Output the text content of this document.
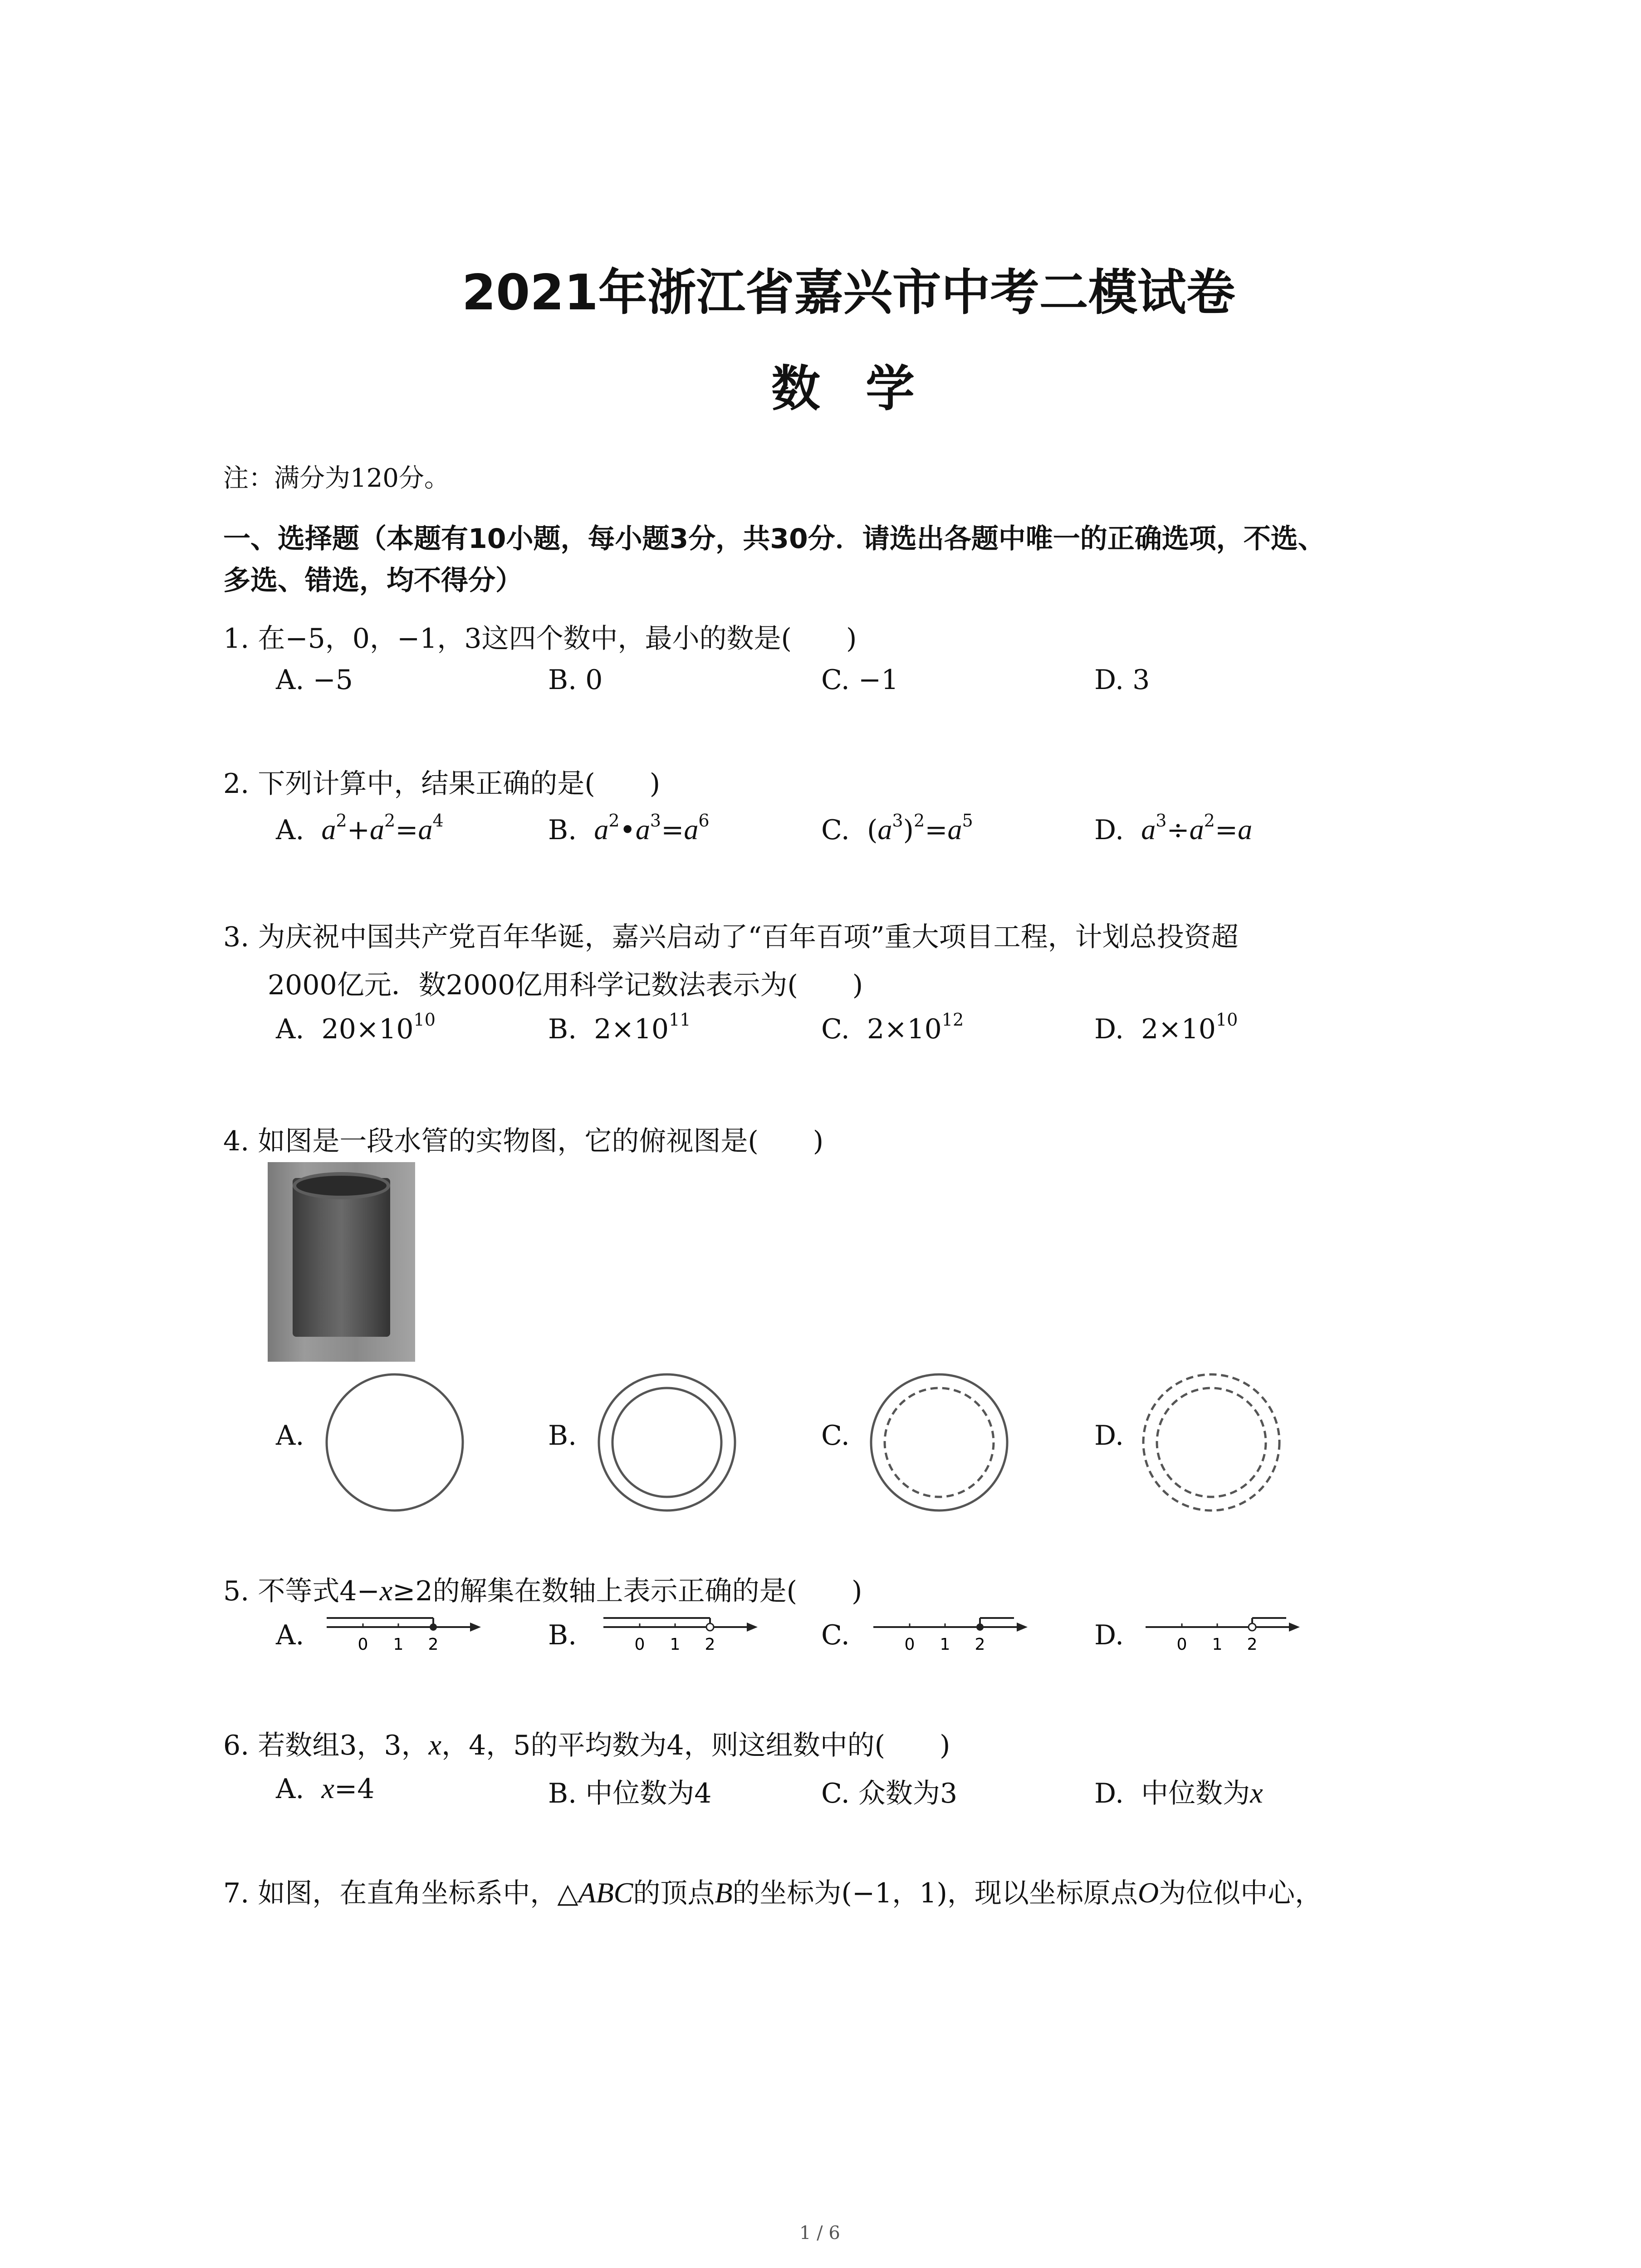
2021年浙江省嘉兴市中考二模试卷
数学
注：满分为120分。
一、选择题（本题有10小题，每小题3分，共30分．请选出各题中唯一的正确选项，不选、
多选、错选，均不得分）
1. 在−5，0，−1，3这四个数中，最小的数是(　　)
A. −5	B. 0	C. −1	D. 3
2. 下列计算中，结果正确的是(　　)
A.  $a^2+a^2=a^4$	B.  $a^2•a^3=a^6$	C.  $(a^3)^2=a^5$	D.  $a^3\div a^2=a$
3. 为庆祝中国共产党百年华诞，嘉兴启动了“百年百项”重大项目工程，计划总投资超
2000亿元．数2000亿用科学记数法表示为(　　)
A.  $20\times 10^{10}$	B.  $2\times 10^{11}$	C.  $2\times 10^{12}$	D.  $2\times 10^{10}$
4. 如图是一段水管的实物图，它的俯视图是(　　)
A.	B.	C.	D.
5. 不等式4−x≥2的解集在数轴上表示正确的是(　　)
A.	0 1 2	B.	0 1 2	C.	0 1 2	D.	0 1 2
6. 若数组3，3，x，4，5的平均数为4，则这组数中的(　　)
A.  x=4	B. 中位数为4	C. 众数为3	D.  中位数为x
7. 如图，在直角坐标系中，△ABC的顶点B的坐标为(−1，1)，现以坐标原点O为位似中心，
1 / 6
